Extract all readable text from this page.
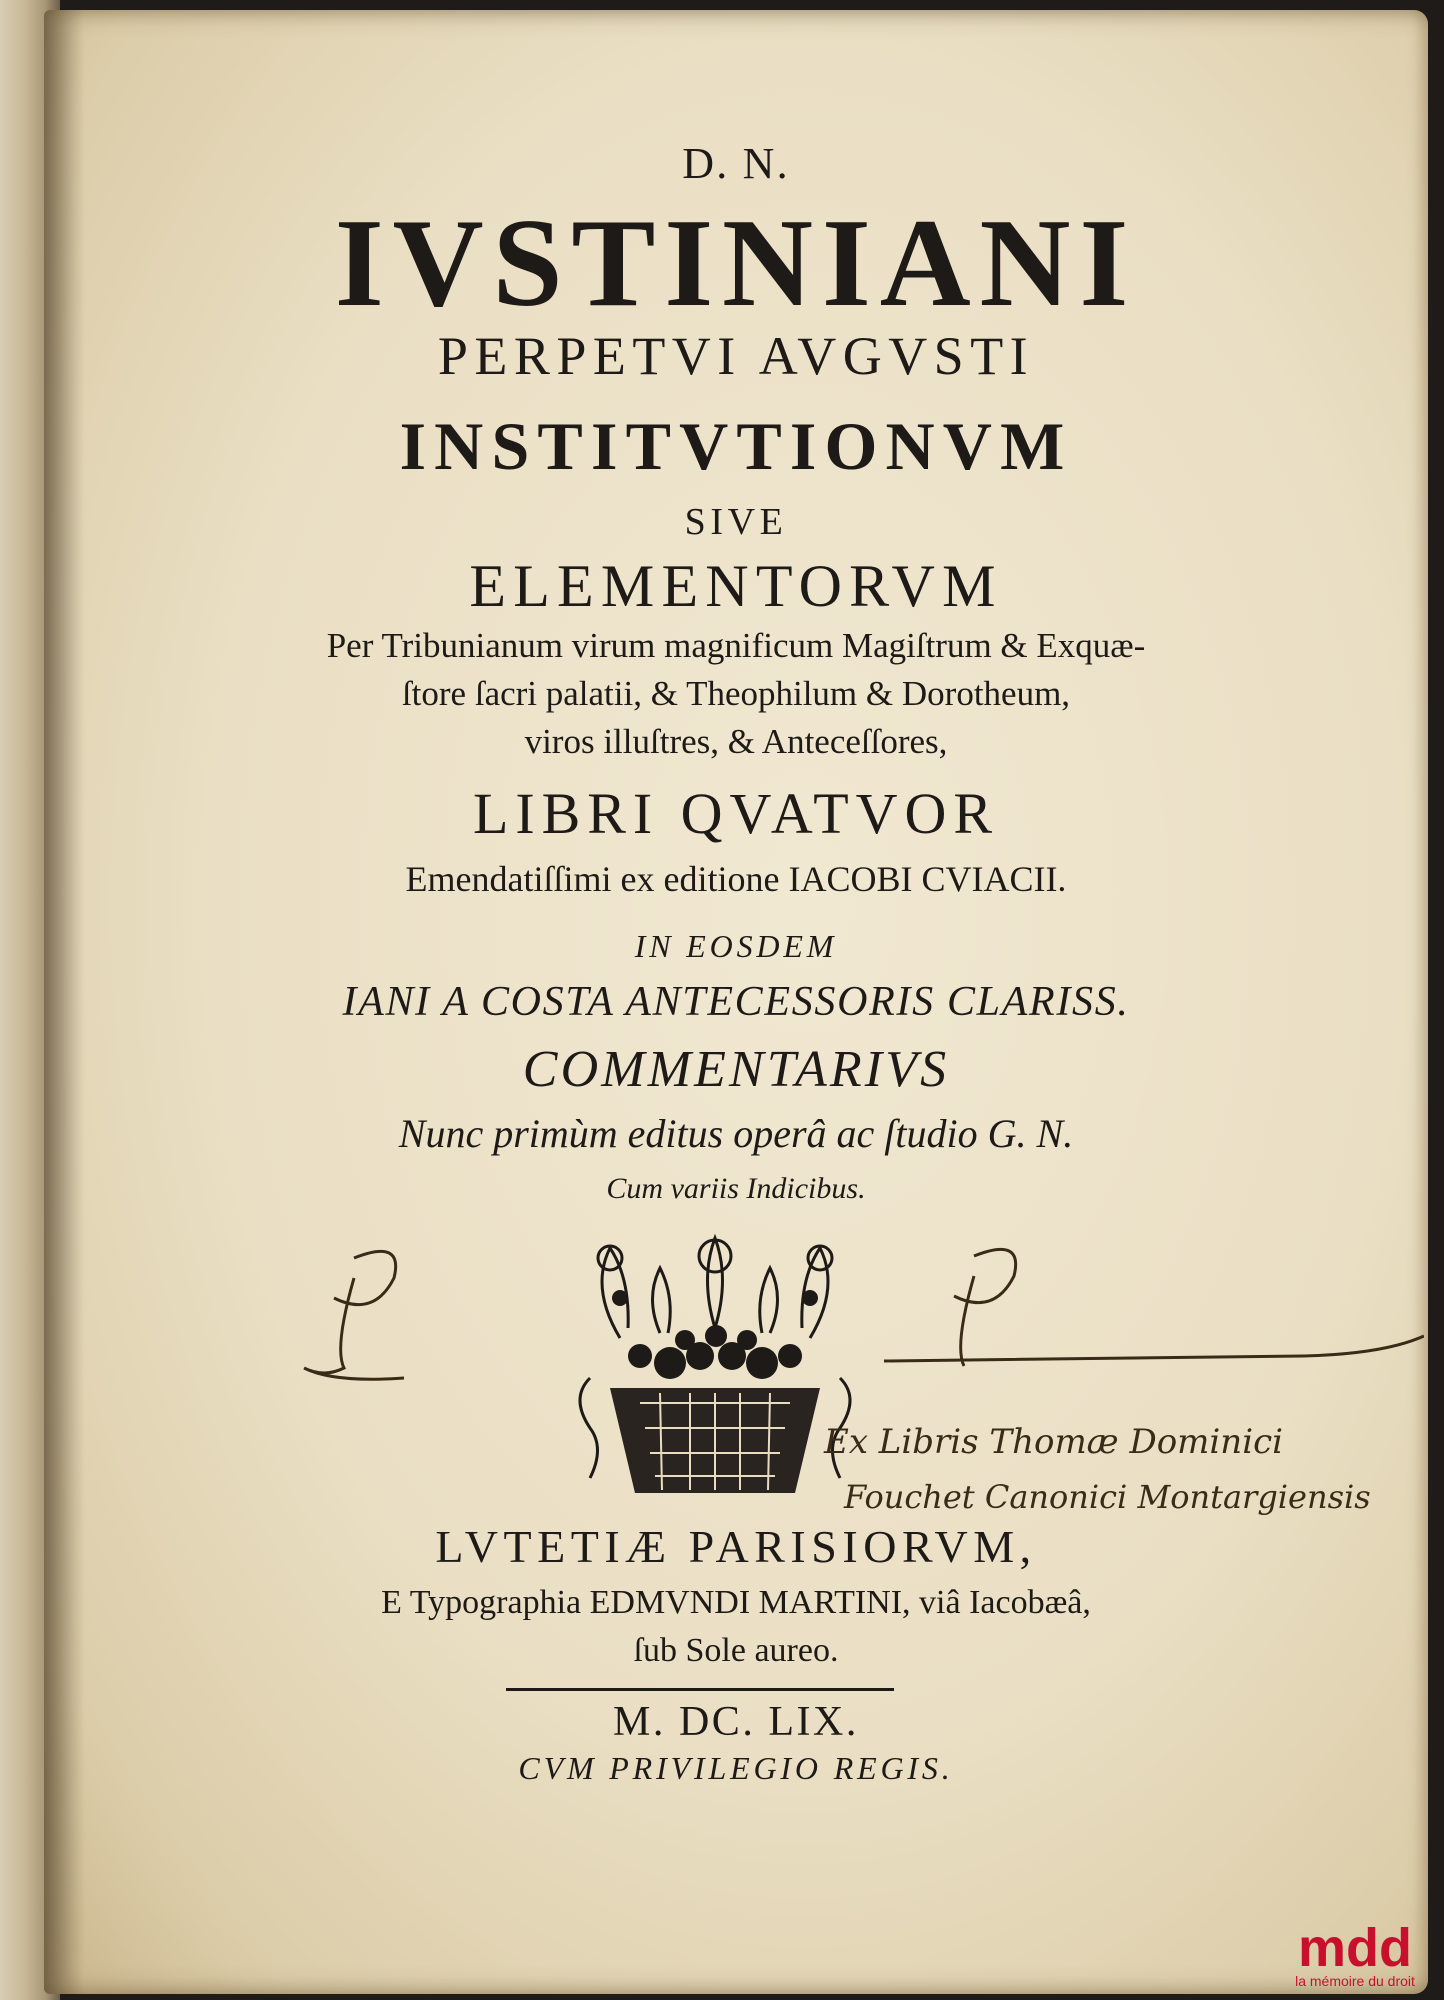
D. N.

IVSTINIANI

PERPETVI AVGVSTI

INSTITVTIONVM

SIVE

ELEMENTORVM

Per Tribunianum virum magnificum Magiſtrum & Exquæ-

ſtore ſacri palatii, & Theophilum & Dorotheum,

viros illuſtres, & Anteceſſores,

LIBRI QVATVOR

Emendatiſſimi ex editione IACOBI CVIACII.

IN EOSDEM

IANI A COSTA ANTECESSORIS CLARISS.

COMMENTARIVS

Nunc primùm editus operâ ac ſtudio G. N.

Cum variis Indicibus.

Ex Libris Thomæ Dominici

Fouchet Canonici Montargiensis

LVTETIÆ PARISIORVM,

E Typographia EDMVNDI MARTINI, viâ Iacobæâ,

ſub Sole aureo.

M. DC. LIX.

CVM PRIVILEGIO REGIS.

mdd
la mémoire du droit
